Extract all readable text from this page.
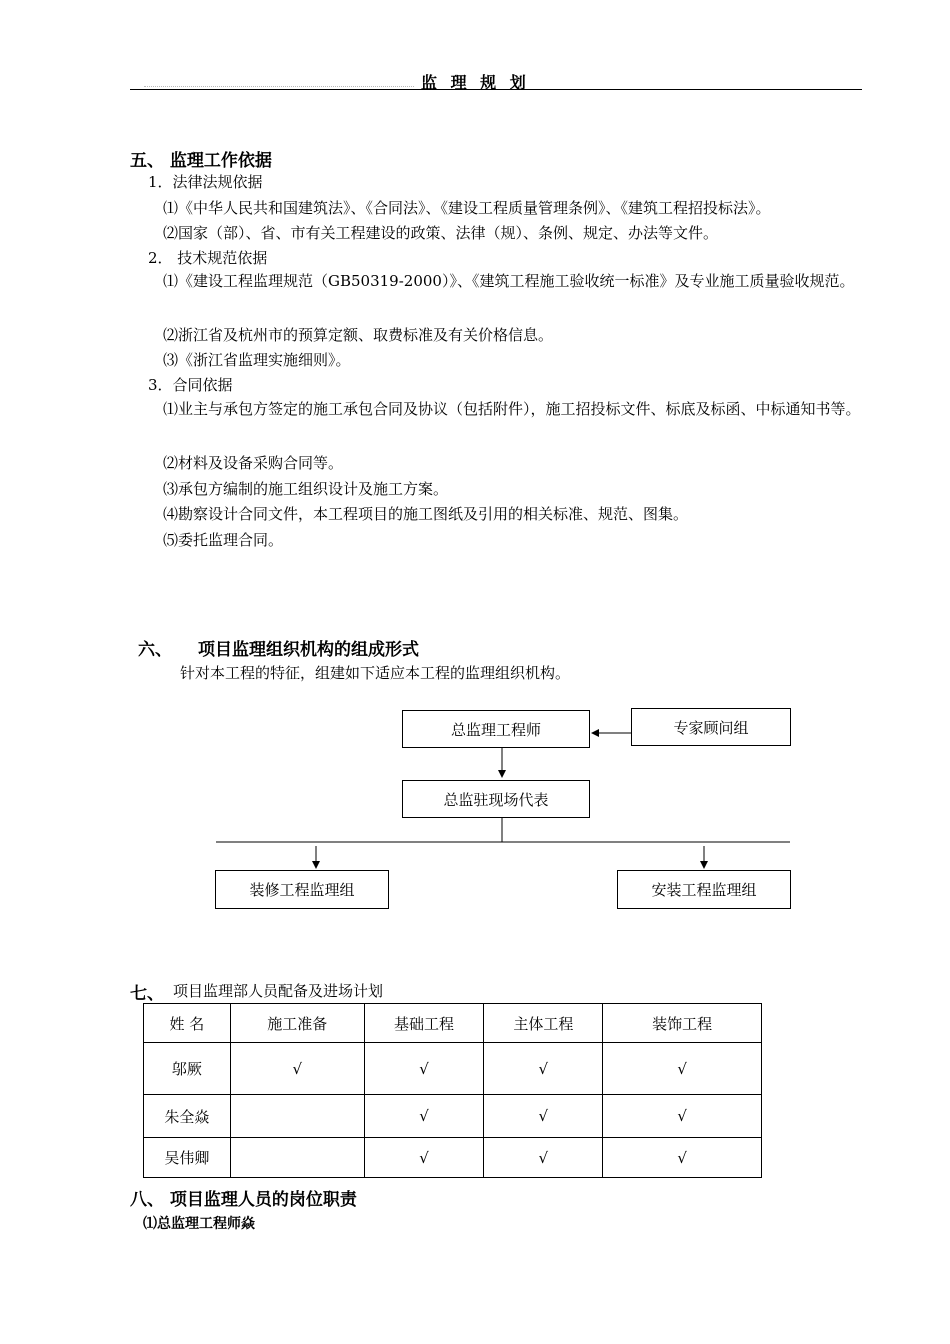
监 理 规 划
五、 监理工作依据
1．法律法规依据
⑴《中华人民共和国建筑法》、《合同法》、《建设工程质量管理条例》、《建筑工程招投标法》。
⑵国家（部）、省、市有关工程建设的政策、法律（规）、条例、规定、办法等文件。
2． 技术规范依据
⑴《建设工程监理规范（GB50319-2000）》、《建筑工程施工验收统一标准》及专业施工质量验收规范。
⑵浙江省及杭州市的预算定额、取费标准及有关价格信息。
⑶《浙江省监理实施细则》。
3．合同依据
⑴业主与承包方签定的施工承包合同及协议（包括附件），施工招投标文件、标底及标函、中标通知书等。
⑵材料及设备采购合同等。
⑶承包方编制的施工组织设计及施工方案。
⑷勘察设计合同文件，本工程项目的施工图纸及引用的相关标准、规范、图集。
⑸委托监理合同。
六、 项目监理组织机构的组成形式
针对本工程的特征，组建如下适应本工程的监理组织机构。
总监理工程师	专家顾问组
总监驻现场代表
装修工程监理组	安装工程监理组
七、 项目监理部人员配备及进场计划
姓 名	施工准备	基础工程	主体工程	装饰工程
邬厥	√	√	√	√
朱全焱		√	√	√
吴伟卿		√	√	√
八、 项目监理人员的岗位职责
⑴总监理工程师焱
